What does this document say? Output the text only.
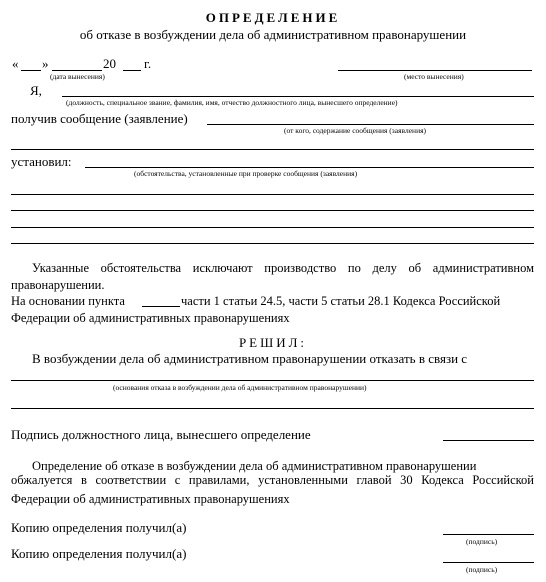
ОПРЕДЕЛЕНИЕ
об отказе в возбуждении дела об административном правонарушении
« »	20 г.
(дата вынесения)	(место вынесения)
Я,
(должность, специальное звание, фамилия, имя, отчество должностного лица, вынесшего определение)
получив сообщение (заявление)
(от кого, содержание сообщения (заявления)
установил:
(обстоятельства, установленные при проверке сообщения (заявления)
Указанные обстоятельства исключают производство по делу об административном правонарушении.
На основании пункта	части 1 статьи 24.5, части 5 статьи 28.1 Кодекса Российской
Федерации об административных правонарушениях
РЕШИЛ:
В возбуждении дела об административном правонарушении отказать в связи с
(основания отказа в возбуждении дела об административном правонарушении)
Подпись должностного лица, вынесшего определение
Определение об отказе в возбуждении дела об административном правонарушении
обжалуется в соответствии с правилами, установленными главой 30 Кодекса Российской
Федерации об административных правонарушениях
Копию определения получил(а)
(подпись)
Копию определения получил(а)
(подпись)
